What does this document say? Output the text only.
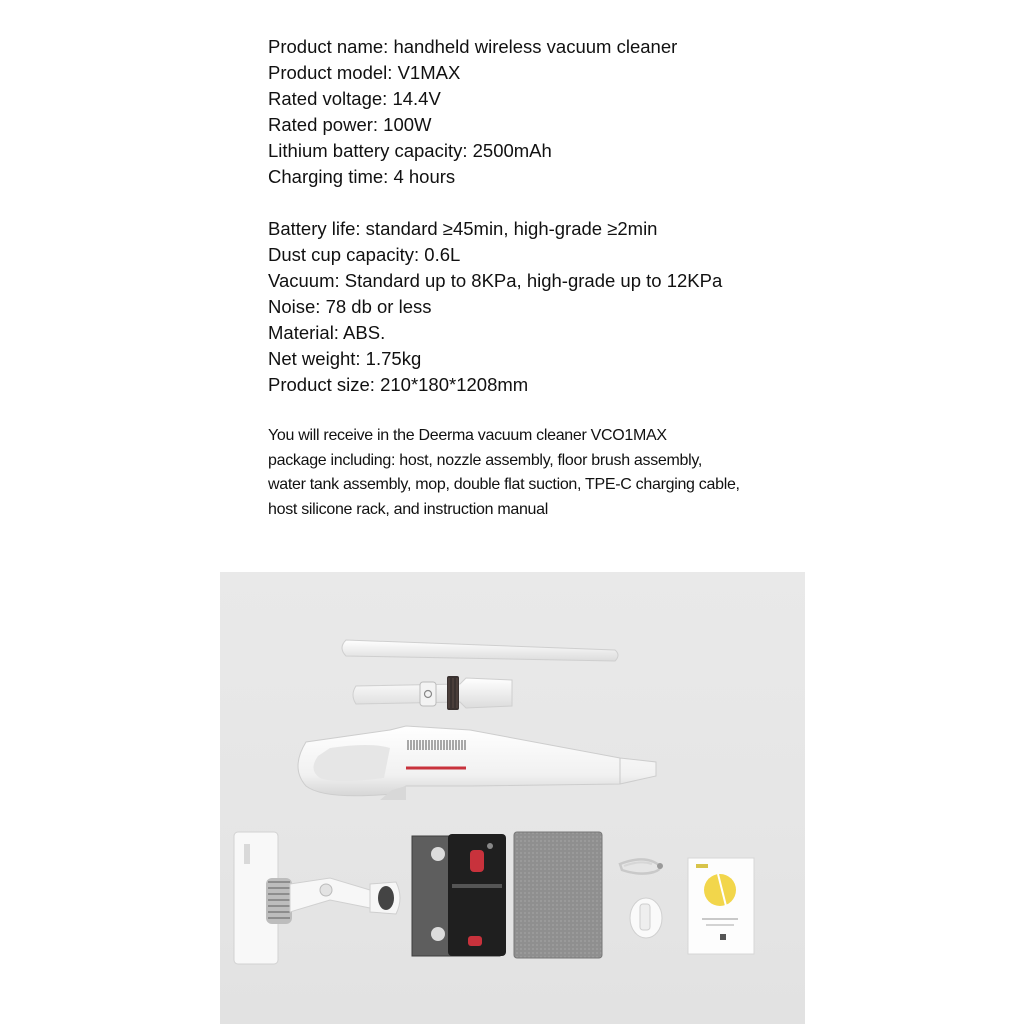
Product name: handheld wireless vacuum cleaner
Product model: V1MAX
Rated voltage: 14.4V
Rated power: 100W
Lithium battery capacity: 2500mAh
Charging time: 4 hours
Battery life: standard ≥45min, high-grade ≥2min
Dust cup capacity: 0.6L
Vacuum: Standard up to 8KPa, high-grade up to 12KPa
Noise: 78 db or less
Material: ABS.
Net weight: 1.75kg
Product size: 210*180*1208mm
You will receive in the Deerma vacuum cleaner VCO1MAX
package including: host, nozzle assembly, floor brush assembly,
water tank assembly, mop, double flat suction, TPE-C charging cable,
host silicone rack, and instruction manual
